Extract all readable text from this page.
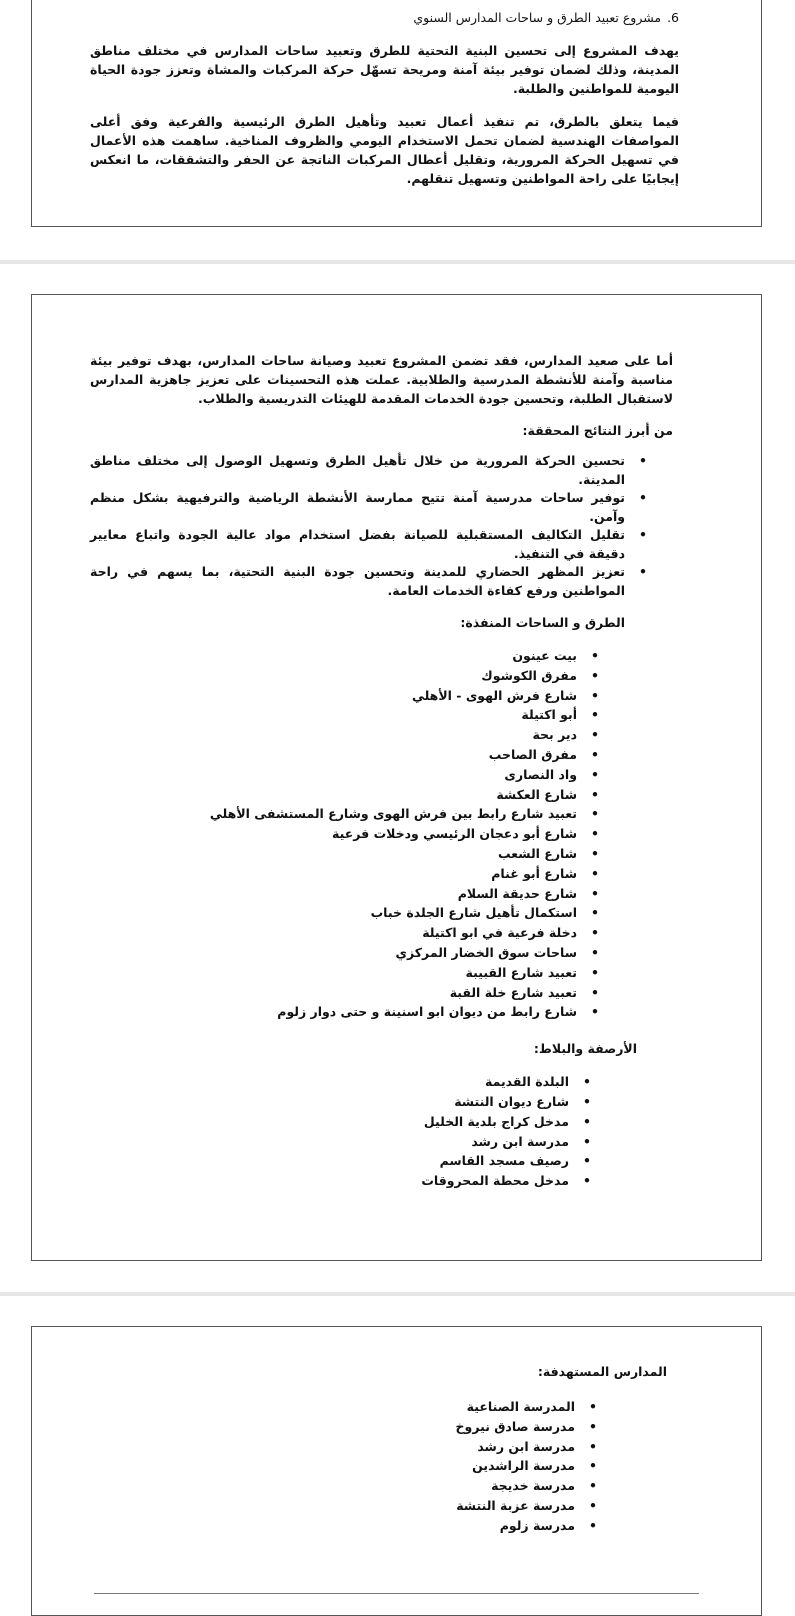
6.مشروع تعبيد الطرق و ساحات المدارس السنوي

يهدف المشروع إلى تحسين البنية التحتية للطرق وتعبيد ساحات المدارس في مختلف مناطق المدينة، وذلك لضمان توفير بيئة آمنة ومريحة تسهّل حركة المركبات والمشاة وتعزز جودة الحياة اليومية للمواطنين والطلبة.

فيما يتعلق بالطرق، تم تنفيذ أعمال تعبيد وتأهيل الطرق الرئيسية والفرعية وفق أعلى المواصفات الهندسية لضمان تحمل الاستخدام اليومي والظروف المناخية. ساهمت هذه الأعمال في تسهيل الحركة المرورية، وتقليل أعطال المركبات الناتجة عن الحفر والتشققات، ما انعكس إيجابيًا على راحة المواطنين وتسهيل تنقلهم.

أما على صعيد المدارس، فقد تضمن المشروع تعبيد وصيانة ساحات المدارس، بهدف توفير بيئة مناسبة وآمنة للأنشطة المدرسية والطلابية. عملت هذه التحسينات على تعزيز جاهزية المدارس لاستقبال الطلبة، وتحسين جودة الخدمات المقدمة للهيئات التدريسية والطلاب.

من أبرز النتائج المحققة:
• تحسين الحركة المرورية من خلال تأهيل الطرق وتسهيل الوصول إلى مختلف مناطق المدينة.
• توفير ساحات مدرسية آمنة تتيح ممارسة الأنشطة الرياضية والترفيهية بشكل منظم وآمن.
• تقليل التكاليف المستقبلية للصيانة بفضل استخدام مواد عالية الجودة واتباع معايير دقيقة في التنفيذ.
• تعزيز المظهر الحضاري للمدينة وتحسين جودة البنية التحتية، بما يسهم في راحة المواطنين ورفع كفاءة الخدمات العامة.
الطرق و الساحات المنفذة:
• بيت عينون
• مفرق الكوشوك
• شارع فرش الهوى - الأهلي
• أبو اكتيلة
• دير بحة
• مفرق الصاحب
• واد النصارى
• شارع العكشة
• تعبيد شارع رابط بين فرش الهوى وشارع المستشفى الأهلي
• شارع أبو دعجان الرئيسي ودخلات فرعية
• شارع الشعب
• شارع أبو غنام
• شارع حديقة السلام
• استكمال تأهيل شارع الجلدة خباب
• دخلة فرعية في ابو اكتيلة
• ساحات سوق الخضار المركزي
• تعبيد شارع القبيبة
• تعبيد شارع خلة القبة
• شارع رابط من ديوان ابو اسنينة و حتى دوار زلوم
الأرصفة والبلاط:
• البلدة القديمة
• شارع ديوان النتشة
• مدخل كراج بلدية الخليل
• مدرسة ابن رشد
• رصيف مسجد القاسم
• مدخل محطة المحروقات
المدارس المستهدفة:
• المدرسة الصناعية
• مدرسة صادق نيروخ
• مدرسة ابن رشد
• مدرسة الراشدين
• مدرسة خديجة
• مدرسة عزبة النتشة
• مدرسة زلوم
